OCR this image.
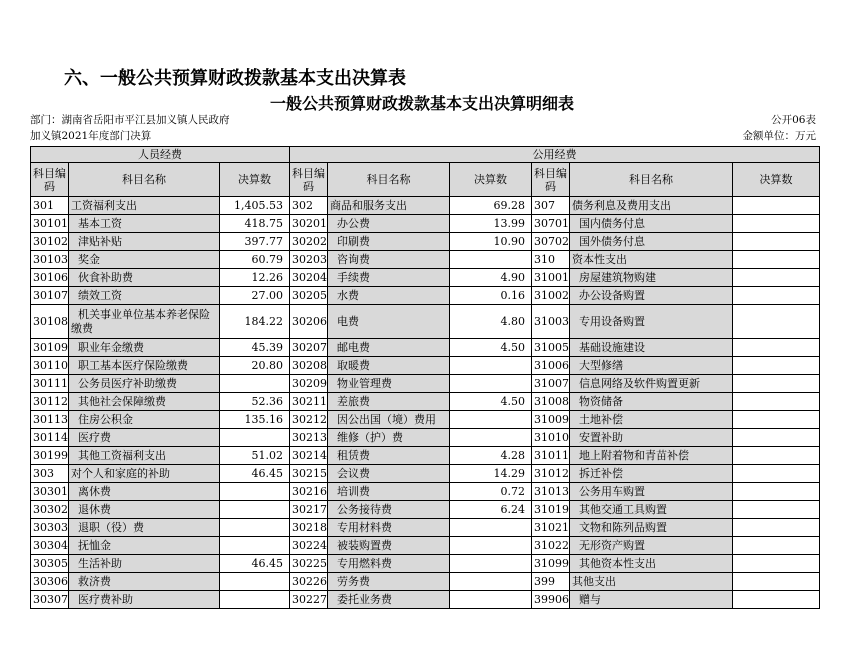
六、一般公共预算财政拨款基本支出决算表
一般公共预算财政拨款基本支出决算明细表
部门：湖南省岳阳市平江县加义镇人民政府	公开06表
加义镇2021年度部门决算	金额单位：万元
人员经费			公用经费					
科目编码	科目名称	决算数	科目编码	科目名称	决算数	科目编码	科目名称	决算数
301	工资福利支出	1,405.53	302	商品和服务支出	69.28	307	债务利息及费用支出	
30101	基本工资	418.75	30201	办公费	13.99	30701	国内债务付息	
30102	津贴补贴	397.77	30202	印刷费	10.90	30702	国外债务付息	
30103	奖金	60.79	30203	咨询费		310	资本性支出	
30106	伙食补助费	12.26	30204	手续费	4.90	31001	房屋建筑物购建	
30107	绩效工资	27.00	30205	水费	0.16	31002	办公设备购置	
30108	机关事业单位基本养老保险缴费	184.22	30206	电费	4.80	31003	专用设备购置	
30109	职业年金缴费	45.39	30207	邮电费	4.50	31005	基础设施建设	
30110	职工基本医疗保险缴费	20.80	30208	取暖费		31006	大型修缮	
30111	公务员医疗补助缴费		30209	物业管理费		31007	信息网络及软件购置更新	
30112	其他社会保障缴费	52.36	30211	差旅费	4.50	31008	物资储备	
30113	住房公积金	135.16	30212	因公出国（境）费用		31009	土地补偿	
30114	医疗费		30213	维修（护）费		31010	安置补助	
30199	其他工资福利支出	51.02	30214	租赁费	4.28	31011	地上附着物和青苗补偿	
303	对个人和家庭的补助	46.45	30215	会议费	14.29	31012	拆迁补偿	
30301	离休费		30216	培训费	0.72	31013	公务用车购置	
30302	退休费		30217	公务接待费	6.24	31019	其他交通工具购置	
30303	退职（役）费		30218	专用材料费		31021	文物和陈列品购置	
30304	抚恤金		30224	被装购置费		31022	无形资产购置	
30305	生活补助	46.45	30225	专用燃料费		31099	其他资本性支出	
30306	救济费		30226	劳务费		399	其他支出	
30307	医疗费补助		30227	委托业务费		39906	赠与	
